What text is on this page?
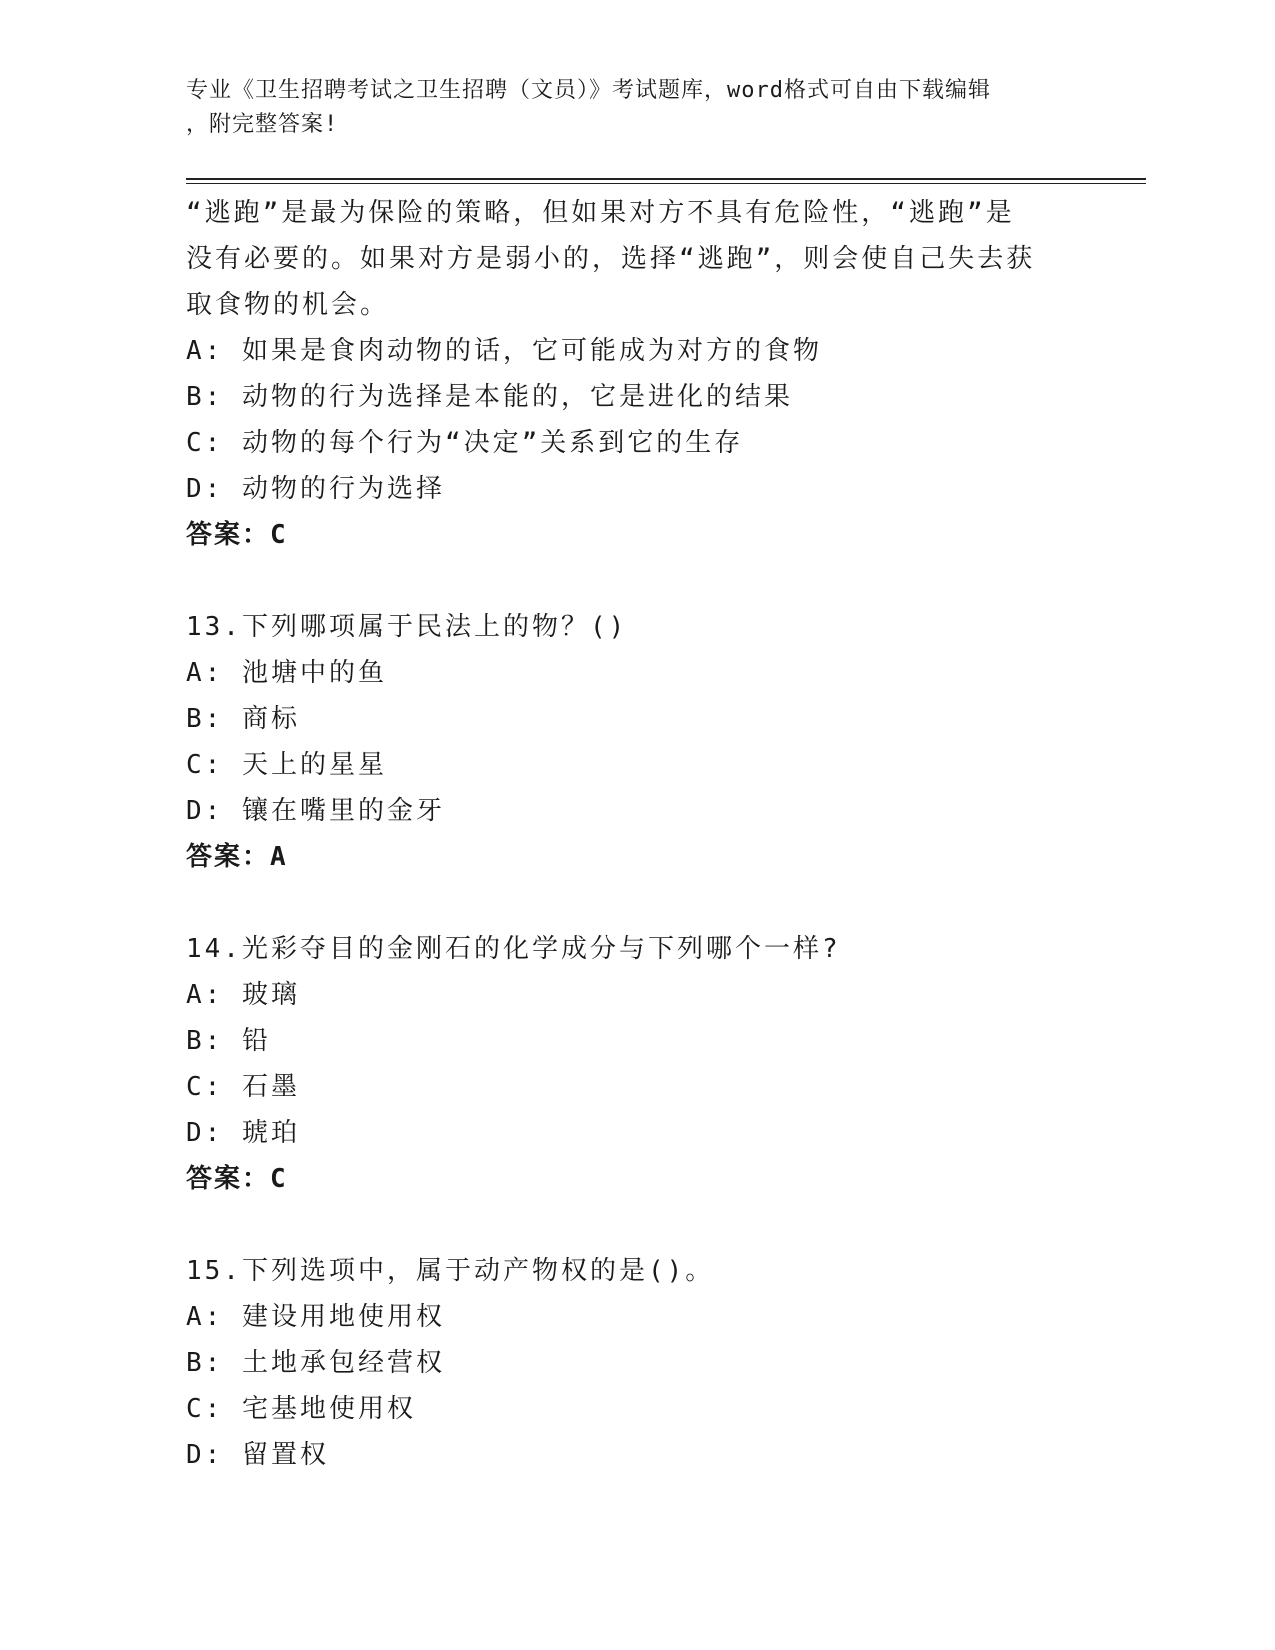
专业《卫生招聘考试之卫生招聘（文员）》考试题库，word格式可自由下载编辑
，附完整答案!
“逃跑”是最为保险的策略，但如果对方不具有危险性，“逃跑”是
没有必要的。如果对方是弱小的，选择“逃跑”，则会使自己失去获
取食物的机会。
A: 如果是食肉动物的话，它可能成为对方的食物
B: 动物的行为选择是本能的，它是进化的结果
C: 动物的每个行为“决定”关系到它的生存
D: 动物的行为选择
答案：C
13.下列哪项属于民法上的物？()
A: 池塘中的鱼
B: 商标
C: 天上的星星
D: 镶在嘴里的金牙
答案：A
14.光彩夺目的金刚石的化学成分与下列哪个一样?
A: 玻璃
B: 铅
C: 石墨
D: 琥珀
答案：C
15.下列选项中，属于动产物权的是()。
A: 建设用地使用权
B: 土地承包经营权
C: 宅基地使用权
D: 留置权
